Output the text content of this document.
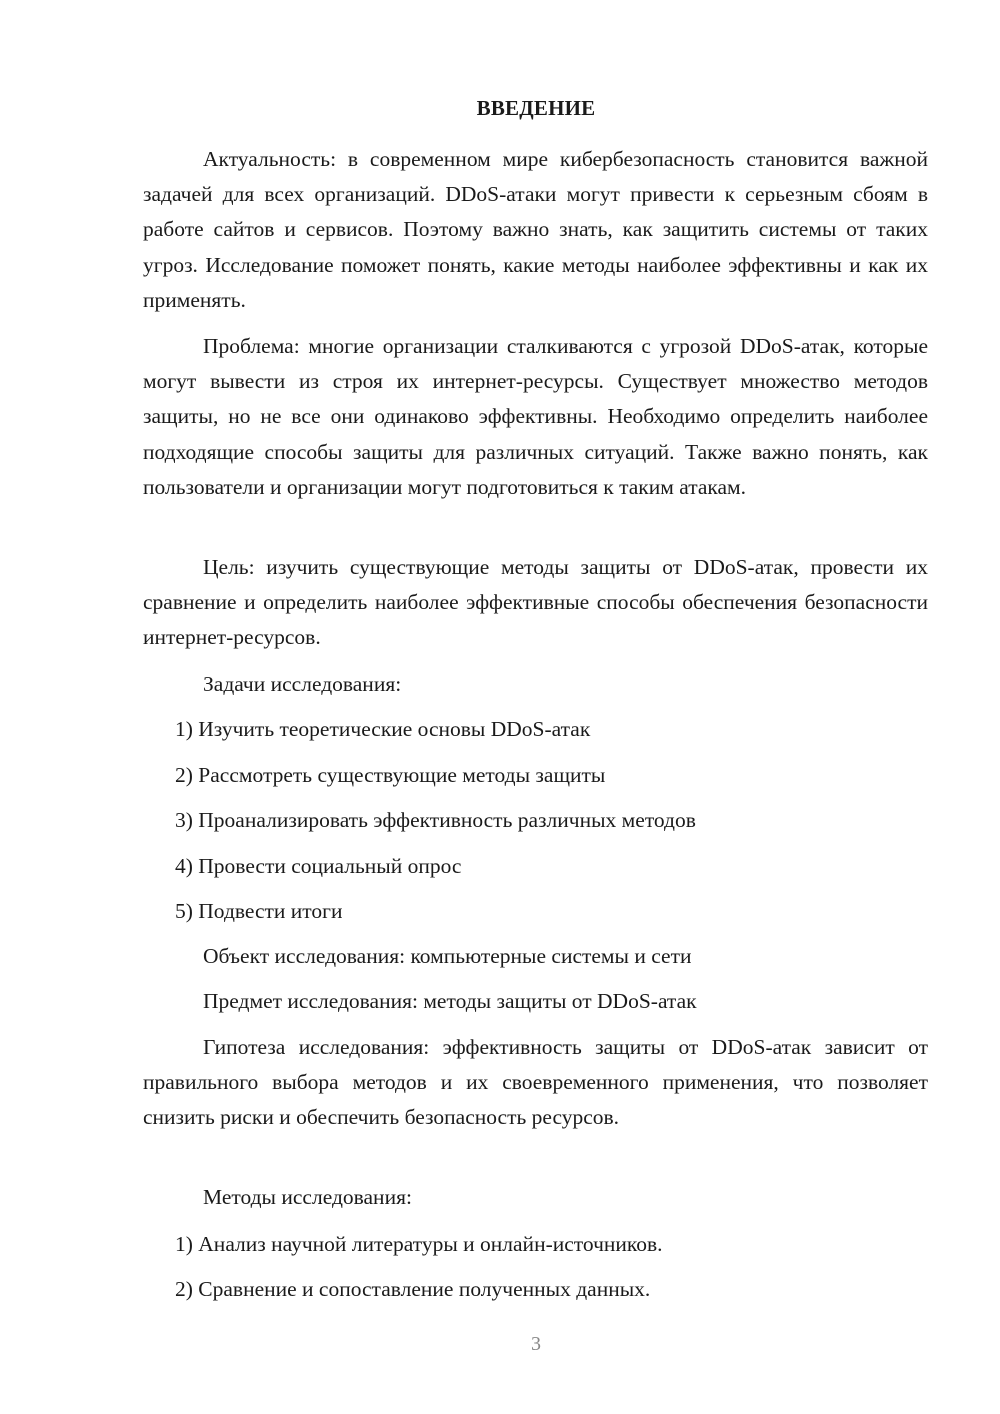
ВВЕДЕНИЕ

Актуальность: в современном мире кибербезопасность становится важной задачей для всех организаций. DDoS-атаки могут привести к серьезным сбоям в работе сайтов и сервисов. Поэтому важно знать, как защитить системы от таких угроз. Исследование поможет понять, какие методы наиболее эффективны и как их применять.

Проблема: многие организации сталкиваются с угрозой DDoS-атак, которые могут вывести из строя их интернет-ресурсы. Существует множество методов защиты, но не все они одинаково эффективны. Необходимо определить наиболее подходящие способы защиты для различных ситуаций. Также важно понять, как пользователи и организации могут подготовиться к таким атакам.

Цель: изучить существующие методы защиты от DDoS-атак, провести их сравнение и определить наиболее эффективные способы обеспечения безопасности интернет-ресурсов.

Задачи исследования:

1) Изучить теоретические основы DDoS-атак

2) Рассмотреть существующие методы защиты

3) Проанализировать эффективность различных методов

4) Провести социальный опрос

5) Подвести итоги

Объект исследования: компьютерные системы и сети

Предмет исследования: методы защиты от DDoS-атак

Гипотеза исследования: эффективность защиты от DDoS-атак зависит от правильного выбора методов и их своевременного применения, что позволяет снизить риски и обеспечить безопасность ресурсов.

Методы исследования:

1) Анализ научной литературы и онлайн-источников.

2) Сравнение и сопоставление полученных данных.

3
